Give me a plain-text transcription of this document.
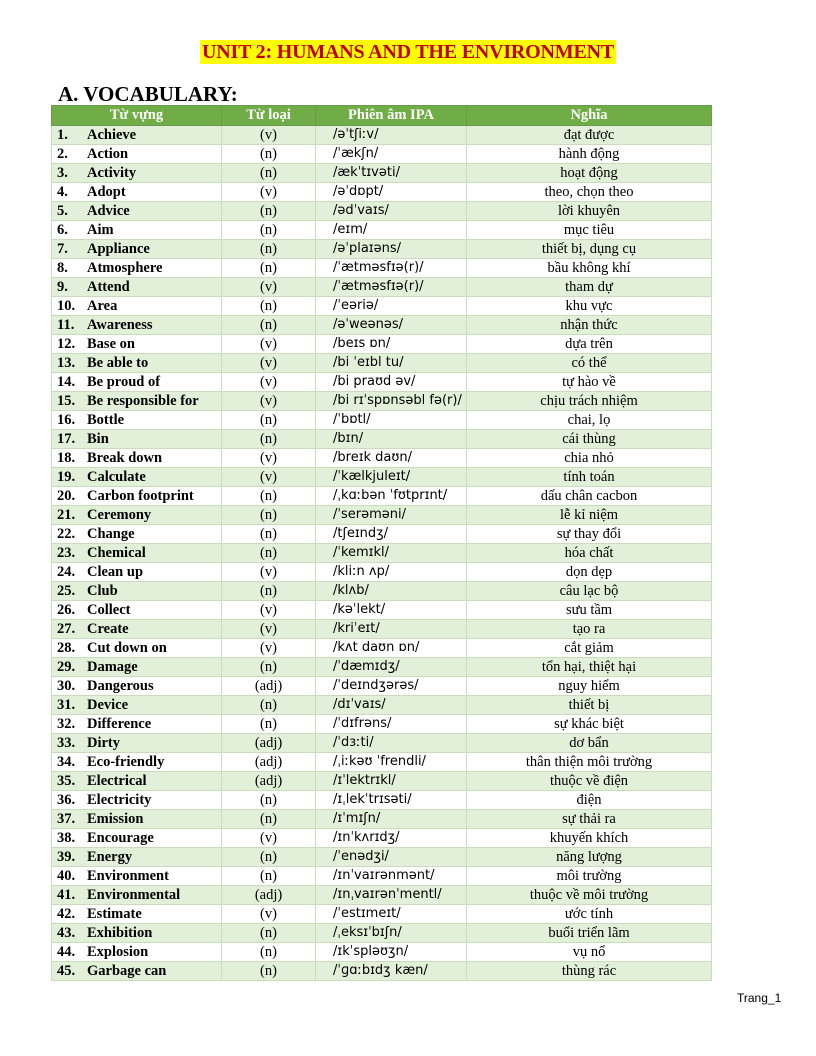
UNIT 2: HUMANS AND THE ENVIRONMENT
A. VOCABULARY:
Từ vựng	Từ loại	Phiên âm IPA	Nghĩa
1. Achieve	(v)	/əˈtʃiːv/	đạt được
2. Action	(n)	/ˈækʃn/	hành động
3. Activity	(n)	/ækˈtɪvəti/	hoạt động
4. Adopt	(v)	/əˈdɒpt/	theo, chọn theo
5. Advice	(n)	/ədˈvaɪs/	lời khuyên
6. Aim	(n)	/eɪm/	mục tiêu
7. Appliance	(n)	/əˈplaɪəns/	thiết bị, dụng cụ
8. Atmosphere	(n)	/ˈætməsfɪə(r)/	bầu không khí
9. Attend	(v)	/ˈætməsfɪə(r)/	tham dự
10. Area	(n)	/ˈeəriə/	khu vực
11. Awareness	(n)	/əˈweənəs/	nhận thức
12. Base on	(v)	/beɪs ɒn/	dựa trên
13. Be able to	(v)	/bi ˈeɪbl tu/	có thể
14. Be proud of	(v)	/bi praʊd əv/	tự hào về
15. Be responsible for	(v)	/bi rɪˈspɒnsəbl fə(r)/	chịu trách nhiệm
16. Bottle	(n)	/ˈbɒtl/	chai, lọ
17. Bin	(n)	/bɪn/	cái thùng
18. Break down	(v)	/breɪk daʊn/	chia nhỏ
19. Calculate	(v)	/ˈkælkjuleɪt/	tính toán
20. Carbon footprint	(n)	/ˌkɑːbən ˈfʊtprɪnt/	dấu chân cacbon
21. Ceremony	(n)	/ˈserəməni/	lễ kỉ niệm
22. Change	(n)	/tʃeɪndʒ/	sự thay đổi
23. Chemical	(n)	/ˈkemɪkl/	hóa chất
24. Clean up	(v)	/kliːn ʌp/	dọn dẹp
25. Club	(n)	/klʌb/	câu lạc bộ
26. Collect	(v)	/kəˈlekt/	sưu tầm
27. Create	(v)	/kriˈeɪt/	tạo ra
28. Cut down on	(v)	/kʌt daʊn ɒn/	cắt giảm
29. Damage	(n)	/ˈdæmɪdʒ/	tổn hại, thiệt hại
30. Dangerous	(adj)	/ˈdeɪndʒərəs/	nguy hiểm
31. Device	(n)	/dɪˈvaɪs/	thiết bị
32. Difference	(n)	/ˈdɪfrəns/	sự khác biệt
33. Dirty	(adj)	/ˈdɜːti/	dơ bẩn
34. Eco-friendly	(adj)	/ˌiːkəʊ ˈfrendli/	thân thiện môi trường
35. Electrical	(adj)	/ɪˈlektrɪkl/	thuộc về điện
36. Electricity	(n)	/ɪˌlekˈtrɪsəti/	điện
37. Emission	(n)	/ɪˈmɪʃn/	sự thải ra
38. Encourage	(v)	/ɪnˈkʌrɪdʒ/	khuyến khích
39. Energy	(n)	/ˈenədʒi/	năng lượng
40. Environment	(n)	/ɪnˈvaɪrənmənt/	môi trường
41. Environmental	(adj)	/ɪnˌvaɪrənˈmentl/	thuộc về môi trường
42. Estimate	(v)	/ˈestɪmeɪt/	ước tính
43. Exhibition	(n)	/ˌeksɪˈbɪʃn/	buổi triển lãm
44. Explosion	(n)	/ɪkˈspləʊʒn/	vụ nổ
45. Garbage can	(n)	/ˈɡɑːbɪdʒ kæn/	thùng rác
Trang_1
